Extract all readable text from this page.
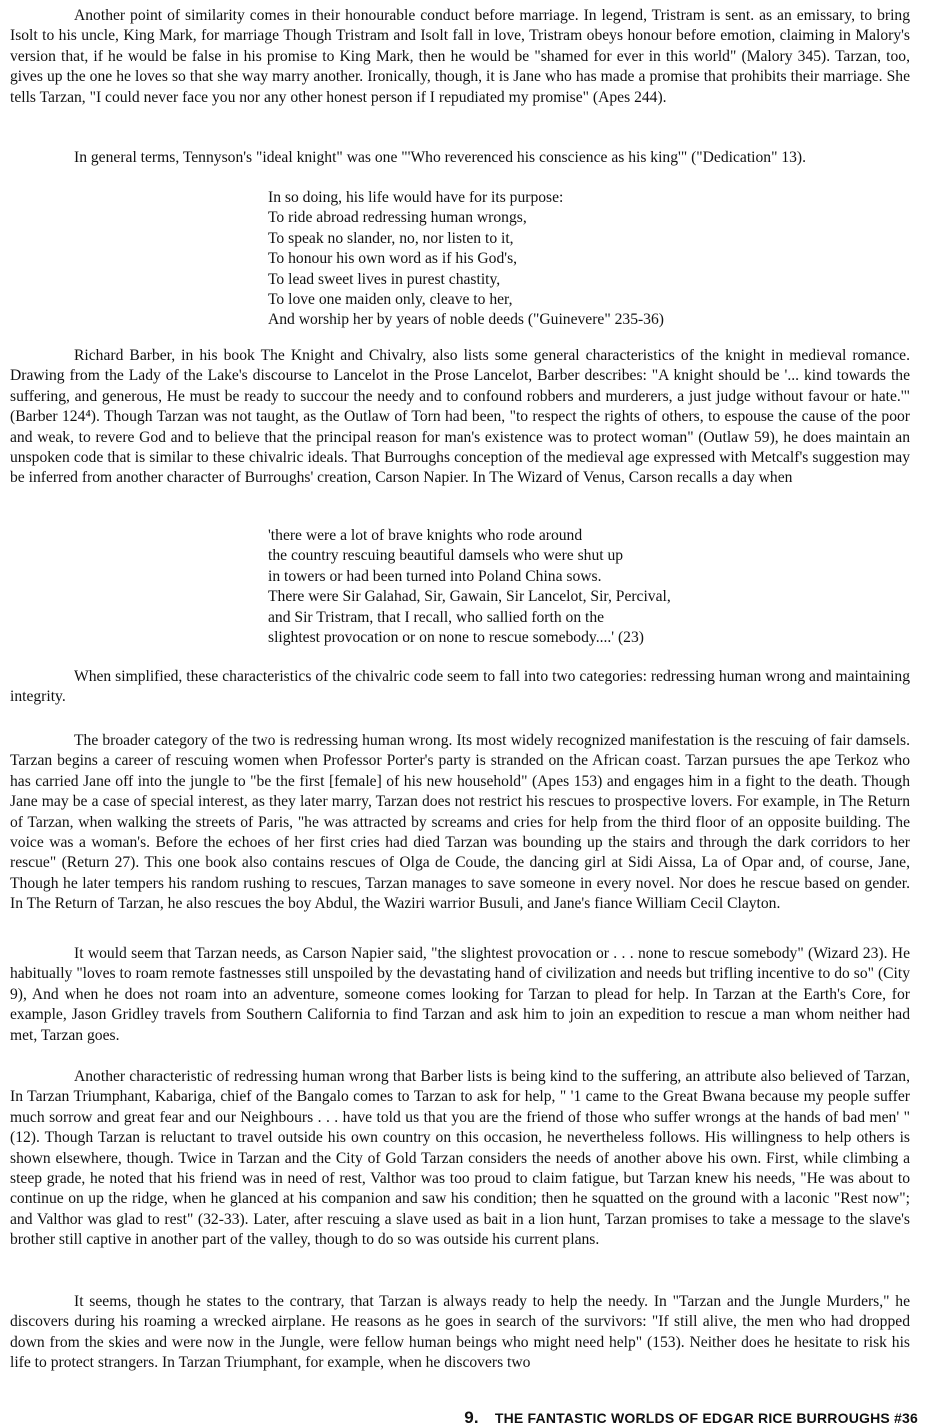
Another point of similarity comes in their honourable conduct before marriage. In legend, Tristram is sent. as an emissary, to bring Isolt to his uncle, King Mark, for marriage Though Tristram and Isolt fall in love, Tristram obeys honour before emotion, claiming in Malory's version that, if he would be false in his promise to King Mark, then he would be "shamed for ever in this world" (Malory 345). Tarzan, too, gives up the one he loves so that she way marry another. Ironically, though, it is Jane who has made a promise that prohibits their marriage. She tells Tarzan, "I could never face you nor any other honest person if I repudiated my promise" (Apes 244).

In general terms, Tennyson's "ideal knight" was one "'Who reverenced his conscience as his king'" ("Dedication" 13).

In so doing, his life would have for its purpose:
To ride abroad redressing human wrongs,
To speak no slander, no, nor listen to it,
To honour his own word as if his God's,
To lead sweet lives in purest chastity,
To love one maiden only, cleave to her,
And worship her by years of noble deeds ("Guinevere" 235-36)

Richard Barber, in his book The Knight and Chivalry, also lists some general characteristics of the knight in medieval romance. Drawing from the Lady of the Lake's discourse to Lancelot in the Prose Lancelot, Barber describes: "A knight should be '... kind towards the suffering, and generous, He must be ready to succour the needy and to confound robbers and murderers, a just judge without favour or hate.'" (Barber 124⁴). Though Tarzan was not taught, as the Outlaw of Torn had been, "to respect the rights of others, to espouse the cause of the poor and weak, to revere God and to believe that the principal reason for man's existence was to protect woman" (Outlaw 59), he does maintain an unspoken code that is similar to these chivalric ideals. That Burroughs conception of the medieval age expressed with Metcalf's suggestion may be inferred from another character of Burroughs' creation, Carson Napier. In The Wizard of Venus, Carson recalls a day when

'there were a lot of brave knights who rode around
the country rescuing beautiful damsels who were shut up
in towers or had been turned into Poland China sows.
There were Sir Galahad, Sir, Gawain, Sir Lancelot, Sir, Percival,
and Sir Tristram, that I recall, who sallied forth on the
slightest provocation or on none to rescue somebody....' (23)

When simplified, these characteristics of the chivalric code seem to fall into two categories: redressing human wrong and maintaining integrity.

The broader category of the two is redressing human wrong. Its most widely recognized manifestation is the rescuing of fair damsels. Tarzan begins a career of rescuing women when Professor Porter's party is stranded on the African coast. Tarzan pursues the ape Terkoz who has carried Jane off into the jungle to "be the first [female] of his new household" (Apes 153) and engages him in a fight to the death. Though Jane may be a case of special interest, as they later marry, Tarzan does not restrict his rescues to prospective lovers. For example, in The Return of Tarzan, when walking the streets of Paris, "he was attracted by screams and cries for help from the third floor of an opposite building. The voice was a woman's. Before the echoes of her first cries had died Tarzan was bounding up the stairs and through the dark corridors to her rescue" (Return 27). This one book also contains rescues of Olga de Coude, the dancing girl at Sidi Aissa, La of Opar and, of course, Jane, Though he later tempers his random rushing to rescues, Tarzan manages to save someone in every novel. Nor does he rescue based on gender. In The Return of Tarzan, he also rescues the boy Abdul, the Waziri warrior Busuli, and Jane's fiance William Cecil Clayton.

It would seem that Tarzan needs, as Carson Napier said, "the slightest provocation or . . . none to rescue somebody" (Wizard 23). He habitually "loves to roam remote fastnesses still unspoiled by the devastating hand of civilization and needs but trifling incentive to do so" (City 9), And when he does not roam into an adventure, someone comes looking for Tarzan to plead for help. In Tarzan at the Earth's Core, for example, Jason Gridley travels from Southern California to find Tarzan and ask him to join an expedition to rescue a man whom neither had met, Tarzan goes.

Another characteristic of redressing human wrong that Barber lists is being kind to the suffering, an attribute also believed of Tarzan, In Tarzan Triumphant, Kabariga, chief of the Bangalo comes to Tarzan to ask for help, " '1 came to the Great Bwana because my people suffer much sorrow and great fear and our Neighbours . . . have told us that you are the friend of those who suffer wrongs at the hands of bad men' " (12). Though Tarzan is reluctant to travel outside his own country on this occasion, he nevertheless follows. His willingness to help others is shown elsewhere, though. Twice in Tarzan and the City of Gold Tarzan considers the needs of another above his own. First, while climbing a steep grade, he noted that his friend was in need of rest, Valthor was too proud to claim fatigue, but Tarzan knew his needs, "He was about to continue on up the ridge, when he glanced at his companion and saw his condition; then he squatted on the ground with a laconic "Rest now"; and Valthor was glad to rest" (32-33). Later, after rescuing a slave used as bait in a lion hunt, Tarzan promises to take a message to the slave's brother still captive in another part of the valley, though to do so was outside his current plans.

It seems, though he states to the contrary, that Tarzan is always ready to help the needy. In "Tarzan and the Jungle Murders," he discovers during his roaming a wrecked airplane. He reasons as he goes in search of the survivors: "If still alive, the men who had dropped down from the skies and were now in the Jungle, were fellow human beings who might need help" (153). Neither does he hesitate to risk his life to protect strangers. In Tarzan Triumphant, for example, when he discovers two

9. THE FANTASTIC WORLDS OF EDGAR RICE BURROUGHS #36
